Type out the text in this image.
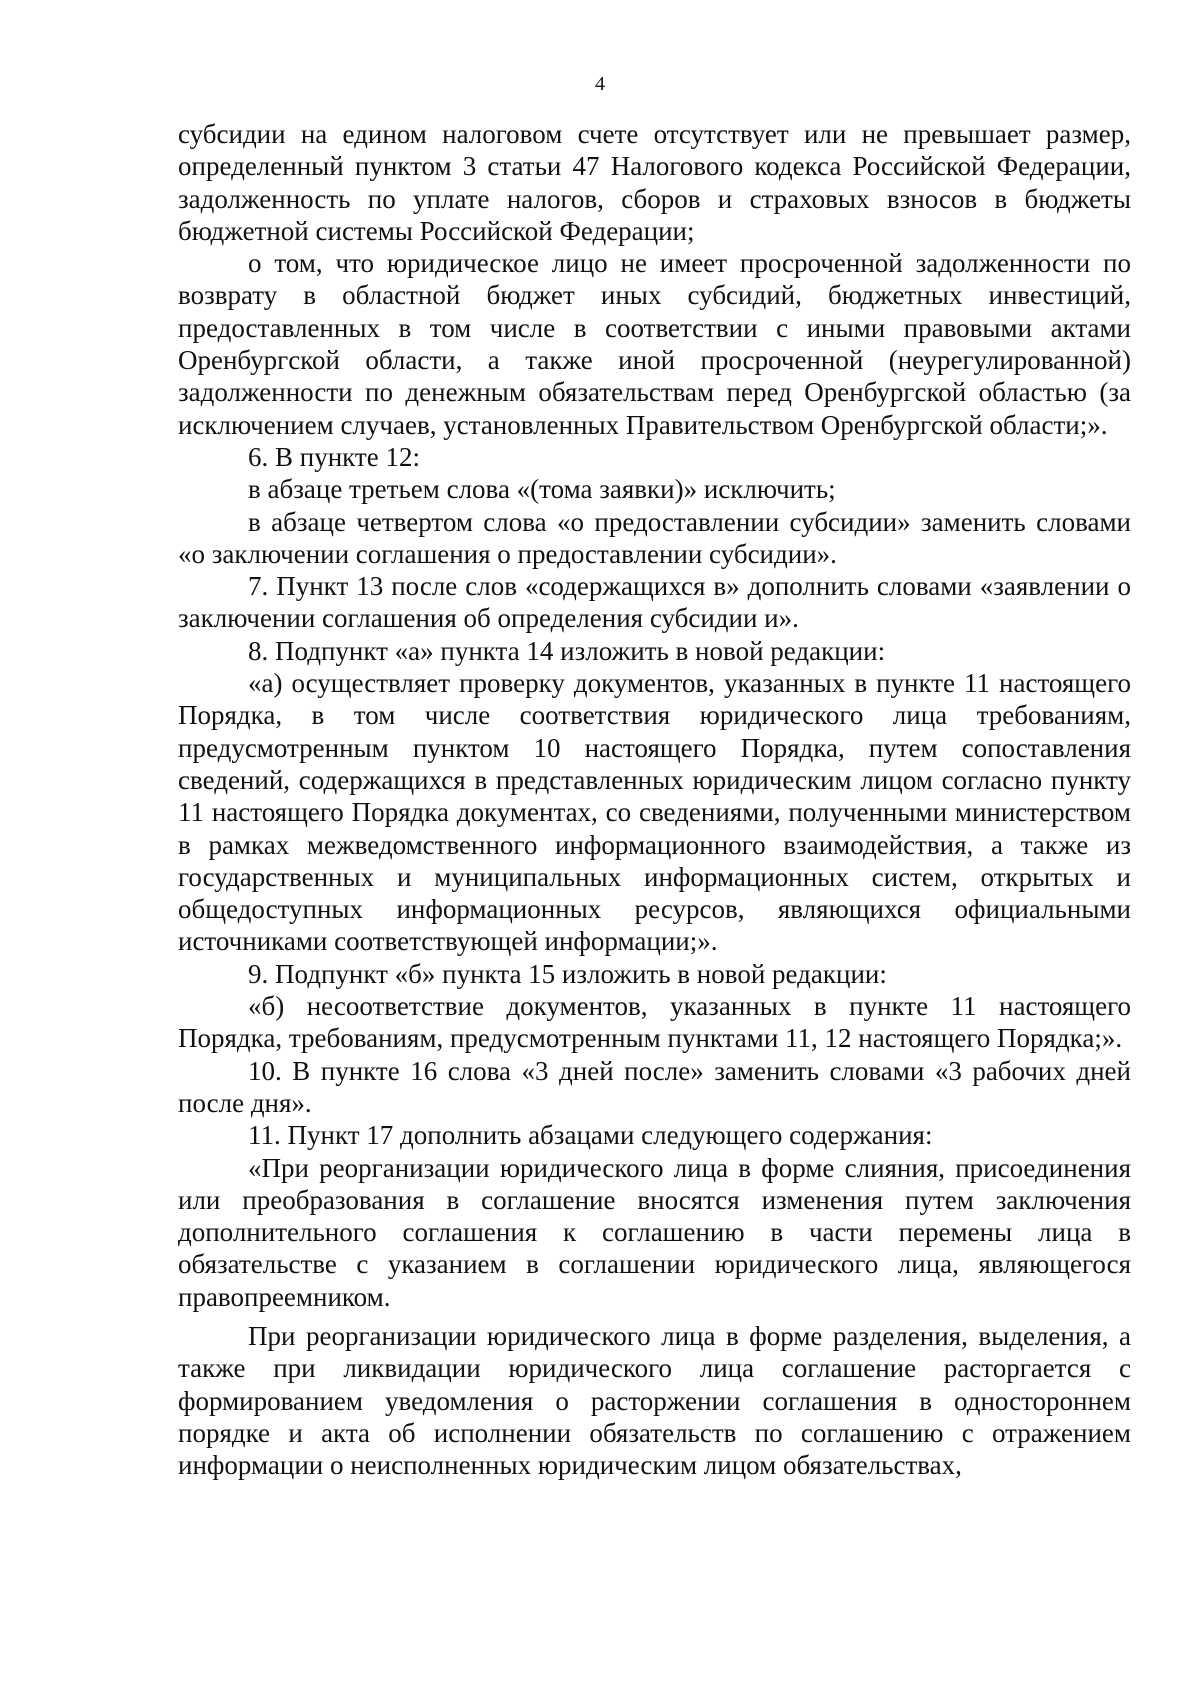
4

субсидии на едином налоговом счете отсутствует или не превышает размер, определенный пунктом 3 статьи 47 Налогового кодекса Российской Федерации, задолженность по уплате налогов, сборов и страховых взносов в бюджеты бюджетной системы Российской Федерации;

о том, что юридическое лицо не имеет просроченной задолженности по возврату в областной бюджет иных субсидий, бюджетных инвестиций, предоставленных в том числе в соответствии с иными правовыми актами Оренбургской области, а также иной просроченной (неурегулированной) задолженности по денежным обязательствам перед Оренбургской областью (за исключением случаев, установленных Правительством Оренбургской области;».

6. В пункте 12:

в абзаце третьем слова «(тома заявки)» исключить;

в абзаце четвертом слова «о предоставлении субсидии» заменить словами «о заключении соглашения о предоставлении субсидии».

7. Пункт 13 после слов «содержащихся в» дополнить словами «заявлении о заключении соглашения об определения субсидии и».

8. Подпункт «а» пункта 14 изложить в новой редакции:

«а) осуществляет проверку документов, указанных в пункте 11 настоящего Порядка, в том числе соответствия юридического лица требованиям, предусмотренным пунктом 10 настоящего Порядка, путем сопоставления сведений, содержащихся в представленных юридическим лицом согласно пункту 11 настоящего Порядка документах, со сведениями, полученными министерством в рамках межведомственного информационного взаимодействия, а также из государственных и муниципальных информационных систем, открытых и общедоступных информационных ресурсов, являющихся официальными источниками соответствующей информации;».

9. Подпункт «б» пункта 15 изложить в новой редакции:

«б) несоответствие документов, указанных в пункте 11 настоящего Порядка, требованиям, предусмотренным пунктами 11, 12 настоящего Порядка;».

10. В пункте 16 слова «3 дней после» заменить словами «3 рабочих дней после дня».

11. Пункт 17 дополнить абзацами следующего содержания:

«При реорганизации юридического лица в форме слияния, присоединения или преобразования в соглашение вносятся изменения путем заключения дополнительного соглашения к соглашению в части перемены лица в обязательстве с указанием в соглашении юридического лица, являющегося правопреемником.

При реорганизации юридического лица в форме разделения, выделения, а также при ликвидации юридического лица соглашение расторгается с формированием уведомления о расторжении соглашения в одностороннем порядке и акта об исполнении обязательств по соглашению с отражением информации о неисполненных юридическим лицом обязательствах,
